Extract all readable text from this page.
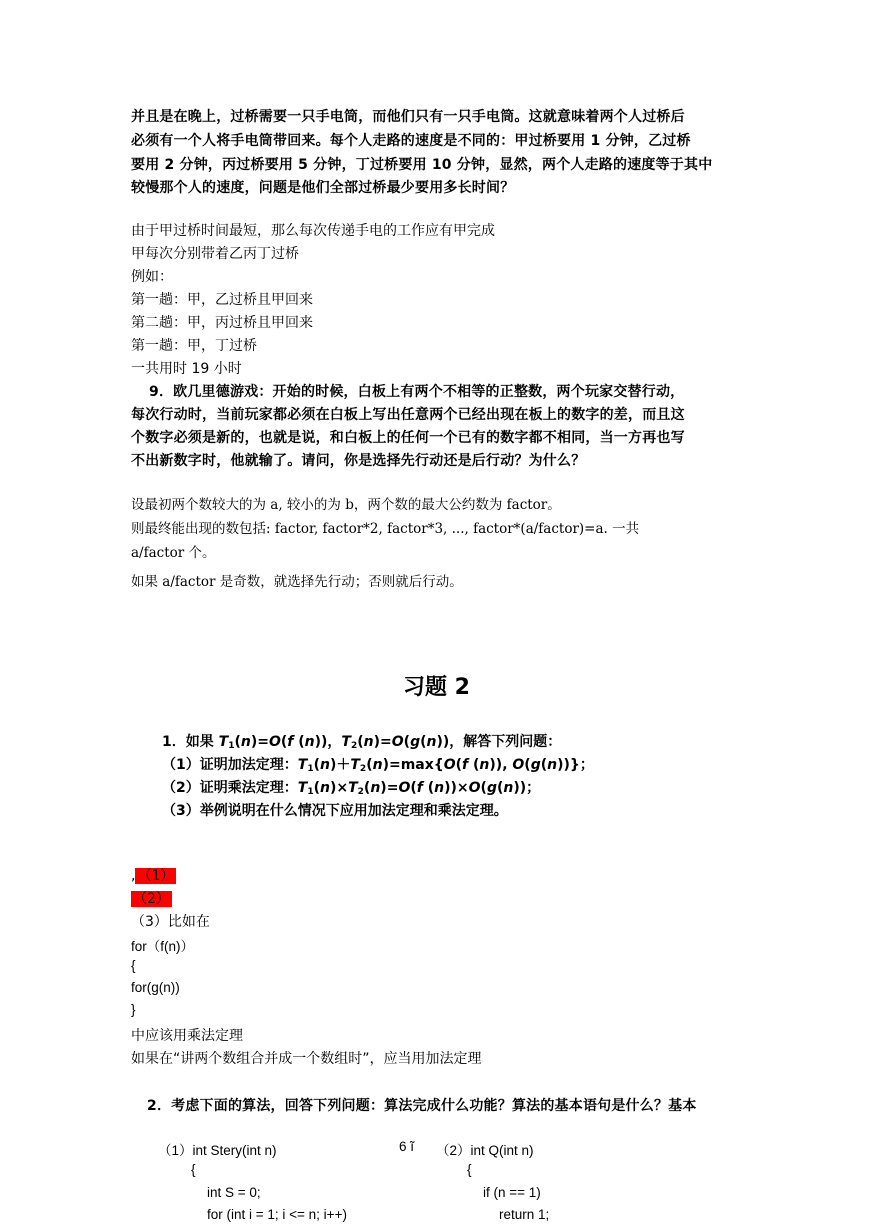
并且是在晚上，过桥需要一只手电筒，而他们只有一只手电筒。这就意味着两个人过桥后
必须有一个人将手电筒带回来。每个人走路的速度是不同的：甲过桥要用 1 分钟，乙过桥
要用 2 分钟，丙过桥要用 5 分钟，丁过桥要用 10 分钟，显然，两个人走路的速度等于其中
较慢那个人的速度，问题是他们全部过桥最少要用多长时间？
由于甲过桥时间最短，那么每次传递手电的工作应有甲完成
甲每次分别带着乙丙丁过桥
例如：
第一趟：甲，乙过桥且甲回来
第二趟：甲，丙过桥且甲回来
第一趟：甲，丁过桥
一共用时 19 小时
9．欧几里德游戏：开始的时候，白板上有两个不相等的正整数，两个玩家交替行动，
每次行动时，当前玩家都必须在白板上写出任意两个已经出现在板上的数字的差，而且这
个数字必须是新的，也就是说，和白板上的任何一个已有的数字都不相同，当一方再也写
不出新数字时，他就输了。请问，你是选择先行动还是后行动？为什么？
设最初两个数较大的为 a, 较小的为 b，两个数的最大公约数为 factor。
则最终能出现的数包括: factor, factor*2, factor*3, ..., factor*(a/factor)=a. 一共
a/factor 个。
如果 a/factor 是奇数，就选择先行动；否则就后行动。
习题 2
1．如果 $T_1(n)=O(f$ (n))，$T_2(n)=O(g(n))$，解答下列问题：
（1）证明加法定理：$T_1(n)+T_2(n)=\max\{O(f$ (n)), O(g(n))}；
（2）证明乘法定理：$T_1(n)\times T_2(n)=O(f$ (n))×O(g(n))；
（3）举例说明在什么情况下应用加法定理和乘法定理。
, （1）
（2）
（3）比如在
for（f(n)）
{
for(g(n))
}
中应该用乘法定理
如果在“讲两个数组合并成一个数组时”，应当用加法定理
2．考虑下面的算法，回答下列问题：算法完成什么功能？算法的基本语句是什么？基本
（1）int Stery(int n)
{
int S = 0;
for (int i = 1; i <= n; i++)
6 ĩ （2）int Q(int n)
{
if (n == 1)
return 1;
